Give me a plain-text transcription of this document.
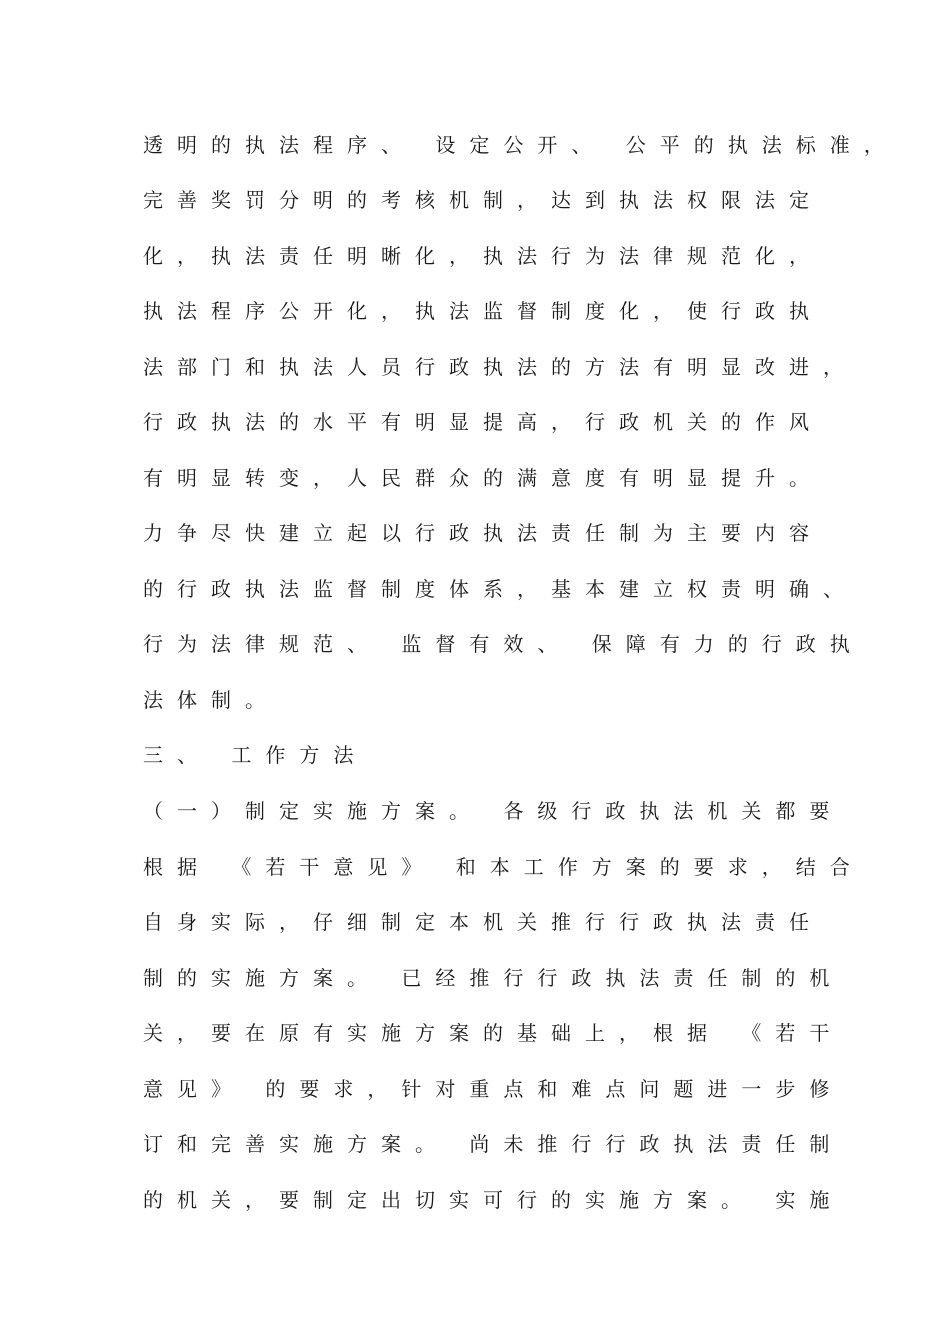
透明的执法程序、 设定公开、 公平的执法标准，
完善奖罚分明的考核机制，达到执法权限法定
化，执法责任明晰化，执法行为法律规范化，
执法程序公开化，执法监督制度化，使行政执
法部门和执法人员行政执法的方法有明显改进，
行政执法的水平有明显提高，行政机关的作风
有明显转变，人民群众的满意度有明显提升。
力争尽快建立起以行政执法责任制为主要内容
的行政执法监督制度体系，基本建立权责明确、
行为法律规范、 监督有效、 保障有力的行政执
法体制。
三、 工作方法
（一）制定实施方案。 各级行政执法机关都要
根据 《若干意见》 和本工作方案的要求，结合
自身实际，仔细制定本机关推行行政执法责任
制的实施方案。 已经推行行政执法责任制的机
关，要在原有实施方案的基础上，根据 《若干
意见》 的要求，针对重点和难点问题进一步修
订和完善实施方案。 尚未推行行政执法责任制
的机关，要制定出切实可行的实施方案。 实施
